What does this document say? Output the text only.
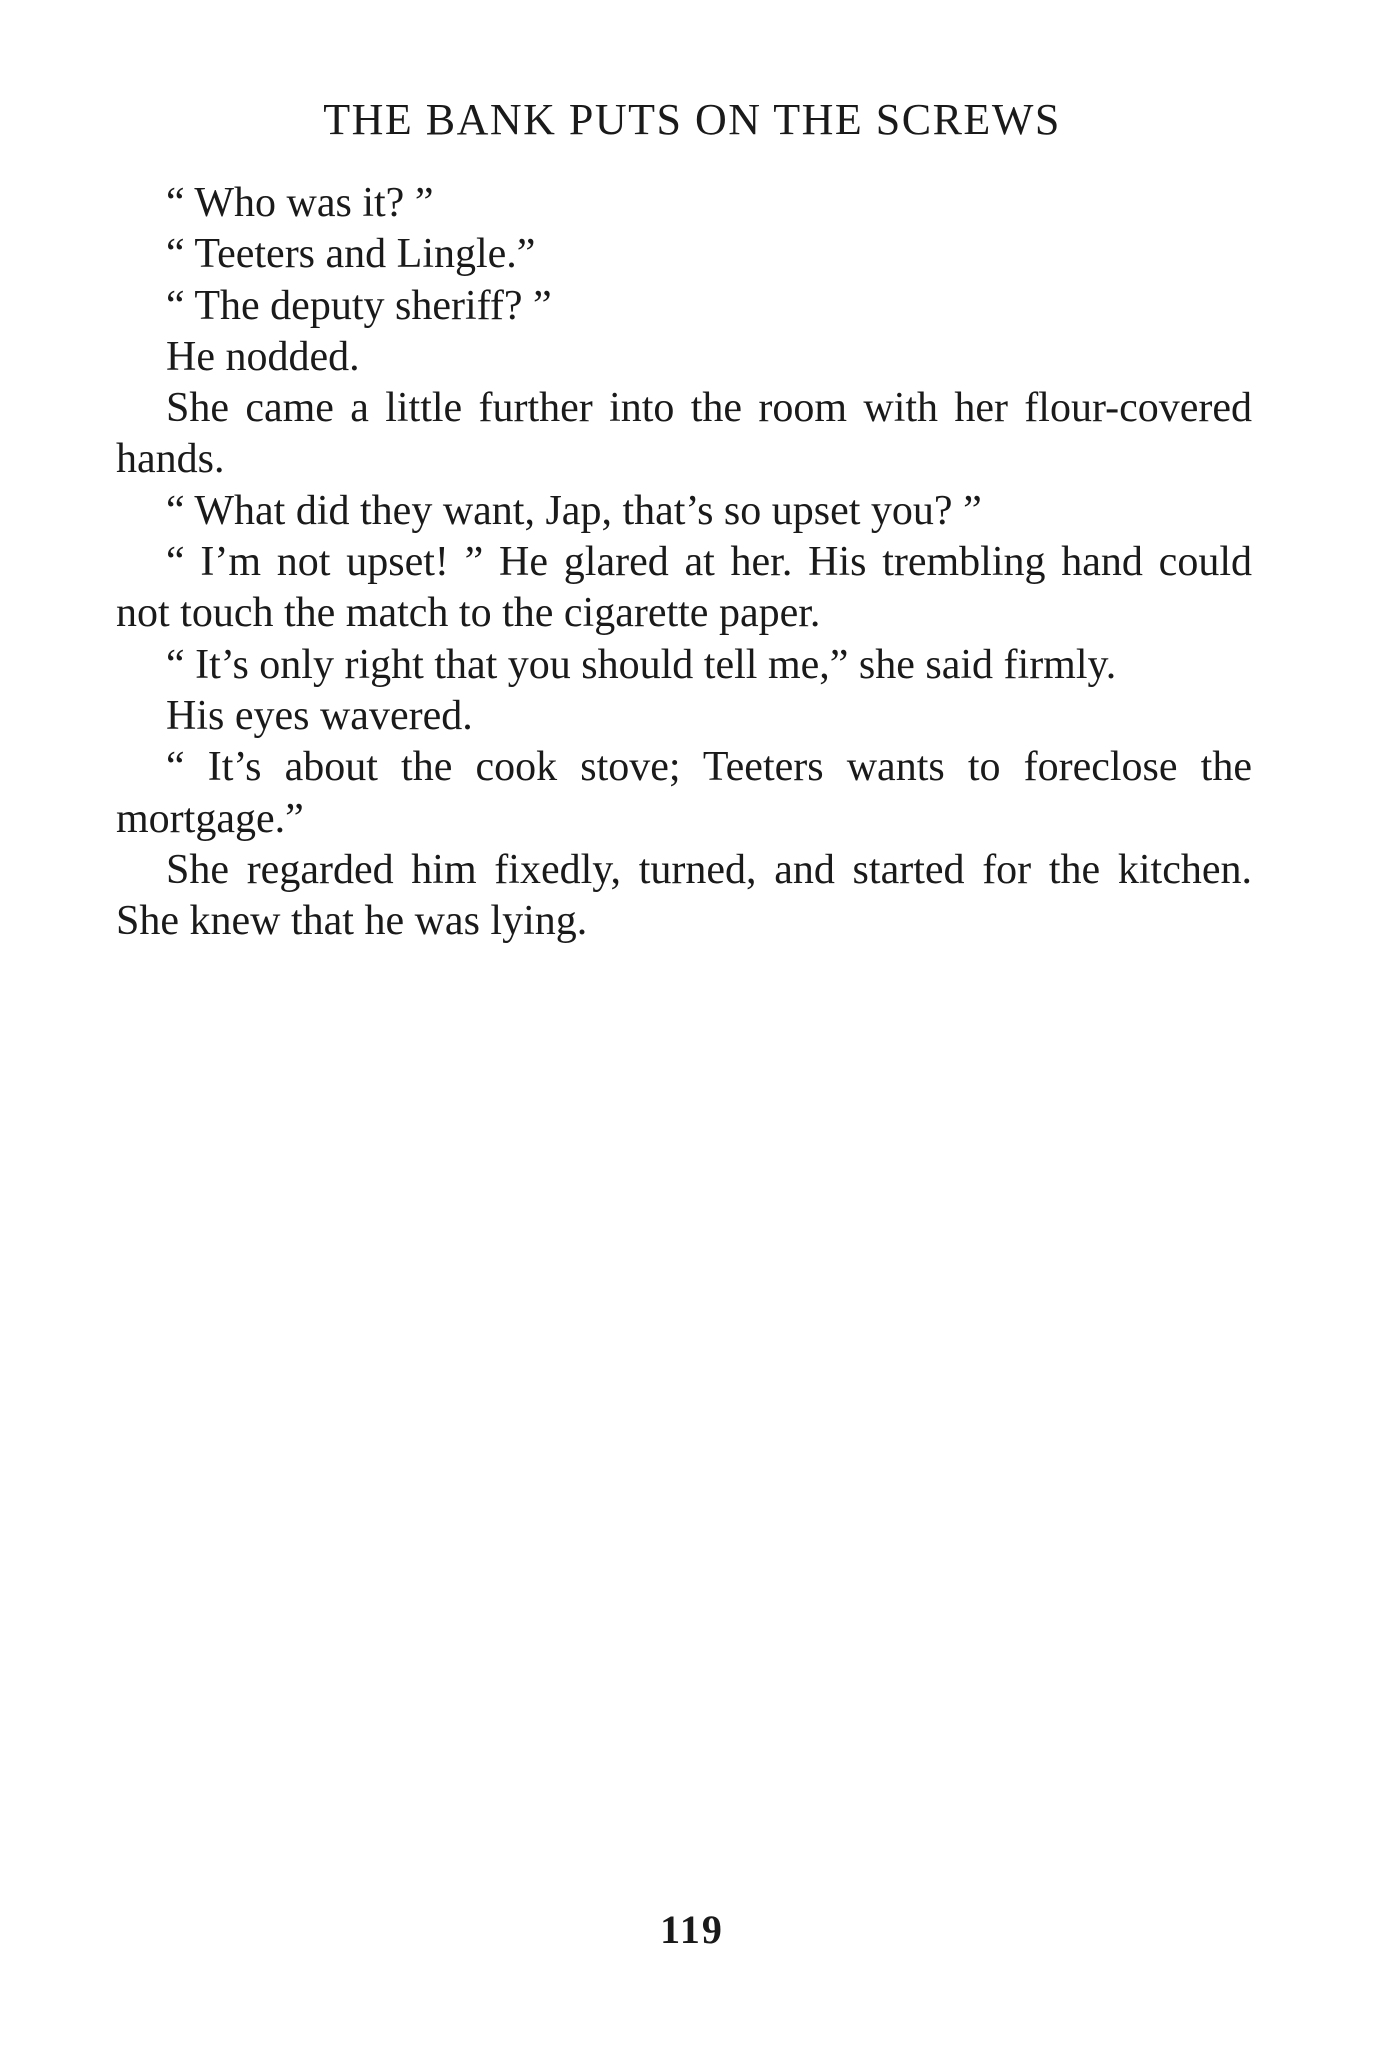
THE BANK PUTS ON THE SCREWS

“ Who was it? ”

“ Teeters and Lingle.”

“ The deputy sheriff? ”

He nodded.

She came a little further into the room with her flour-covered hands.

“ What did they want, Jap, that’s so upset you? ”

“ I’m not upset! ” He glared at her. His trembling hand could not touch the match to the cigarette paper.

“ It’s only right that you should tell me,” she said firmly.

His eyes wavered.

“ It’s about the cook stove; Teeters wants to foreclose the mortgage.”

She regarded him fixedly, turned, and started for the kitchen. She knew that he was lying.

119
